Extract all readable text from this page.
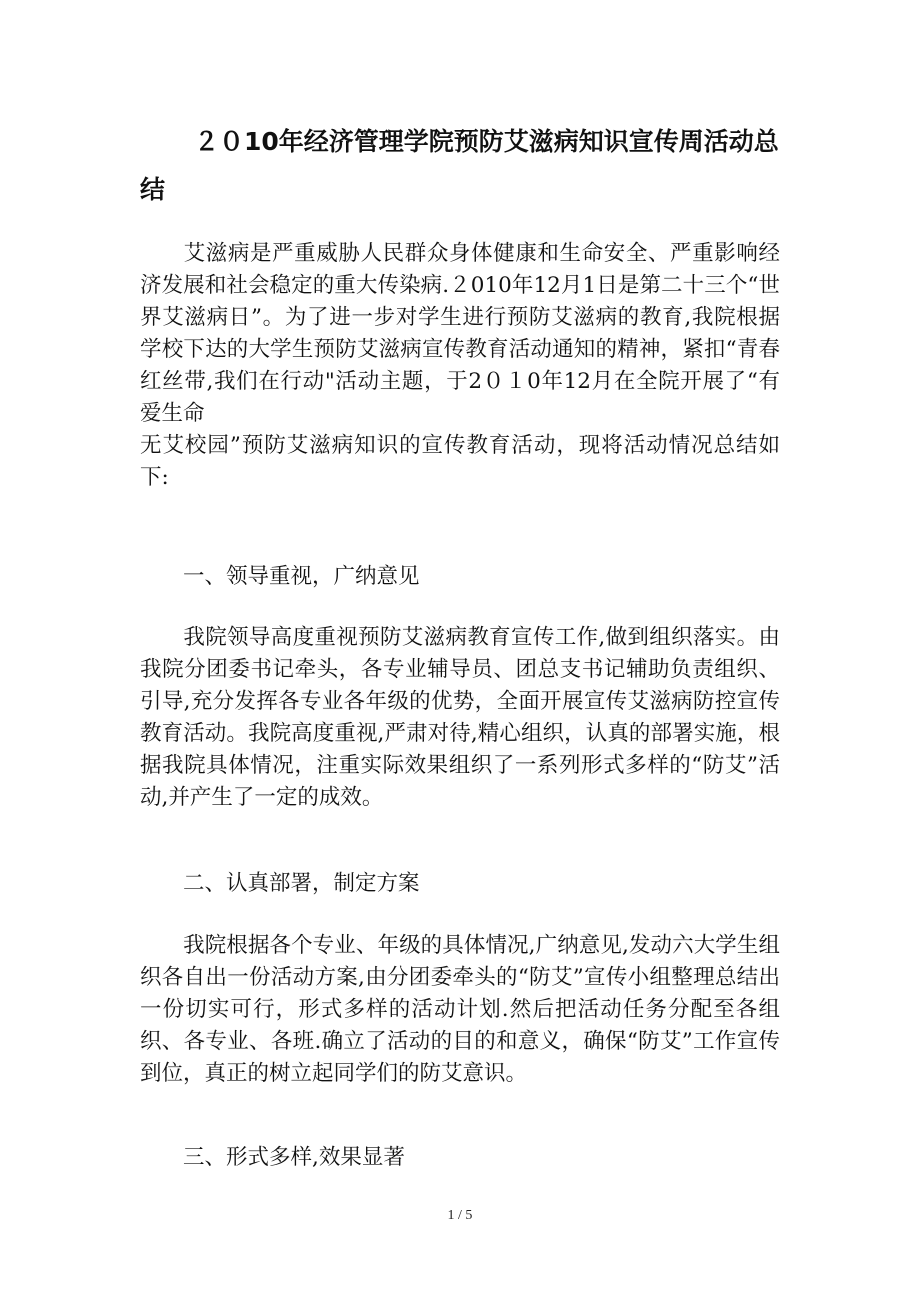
２０10年经济管理学院预防艾滋病知识宣传周活动总结

艾滋病是严重威胁人民群众身体健康和生命安全、严重影响经济发展和社会稳定的重大传染病.２010年12月1日是第二十三个“世界艾滋病日”。为了进一步对学生进行预防艾滋病的教育,我院根据学校下达的大学生预防艾滋病宣传教育活动通知的精神，紧扣“青春红丝带,我们在行动"活动主题，于2０１0年12月在全院开展了“有爱生命
无艾校园”预防艾滋病知识的宣传教育活动，现将活动情况总结如下:

一、领导重视，广纳意见

我院领导高度重视预防艾滋病教育宣传工作,做到组织落实。由我院分团委书记牵头，各专业辅导员、团总支书记辅助负责组织、引导,充分发挥各专业各年级的优势，全面开展宣传艾滋病防控宣传教育活动。我院高度重视,严肃对待,精心组织，认真的部署实施，根据我院具体情况，注重实际效果组织了一系列形式多样的“防艾”活动,并产生了一定的成效。

二、认真部署，制定方案

我院根据各个专业、年级的具体情况,广纳意见,发动六大学生组织各自出一份活动方案,由分团委牵头的“防艾”宣传小组整理总结出一份切实可行，形式多样的活动计划.然后把活动任务分配至各组织、各专业、各班.确立了活动的目的和意义，确保“防艾”工作宣传到位，真正的树立起同学们的防艾意识。

三、形式多样,效果显著

1 / 5
